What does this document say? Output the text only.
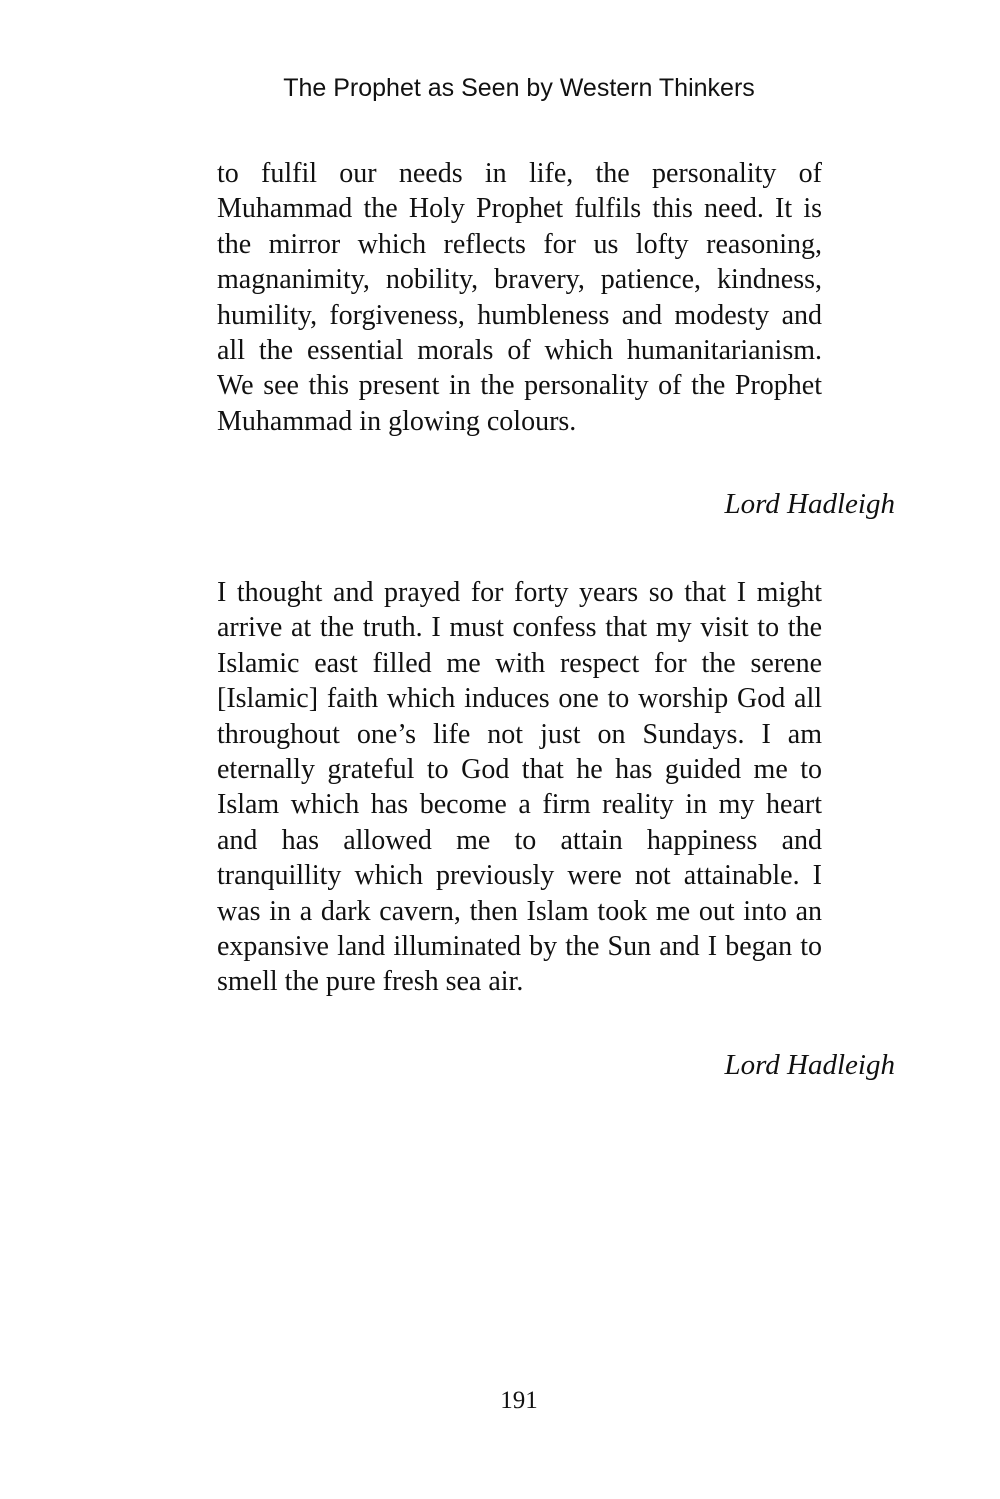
The Prophet as Seen by Western Thinkers

to fulfil our needs in life, the personality of Muhammad the Holy Prophet fulfils this need. It is the mirror which reflects for us lofty reasoning, magnanimity, nobility, bravery, patience, kindness, humility, forgiveness, humbleness and modesty and all the essential morals of which humanitarianism. We see this present in the personality of the Prophet Muhammad in glowing colours.

Lord Hadleigh

I thought and prayed for forty years so that I might arrive at the truth. I must confess that my visit to the Islamic east filled me with respect for the serene [Islamic] faith which induces one to worship God all throughout one’s life not just on Sundays. I am eternally grateful to God that he has guided me to Islam which has become a firm reality in my heart and has allowed me to attain happiness and tranquillity which previously were not attainable. I was in a dark cavern, then Islam took me out into an expansive land illuminated by the Sun and I began to smell the pure fresh sea air.

Lord Hadleigh
191
